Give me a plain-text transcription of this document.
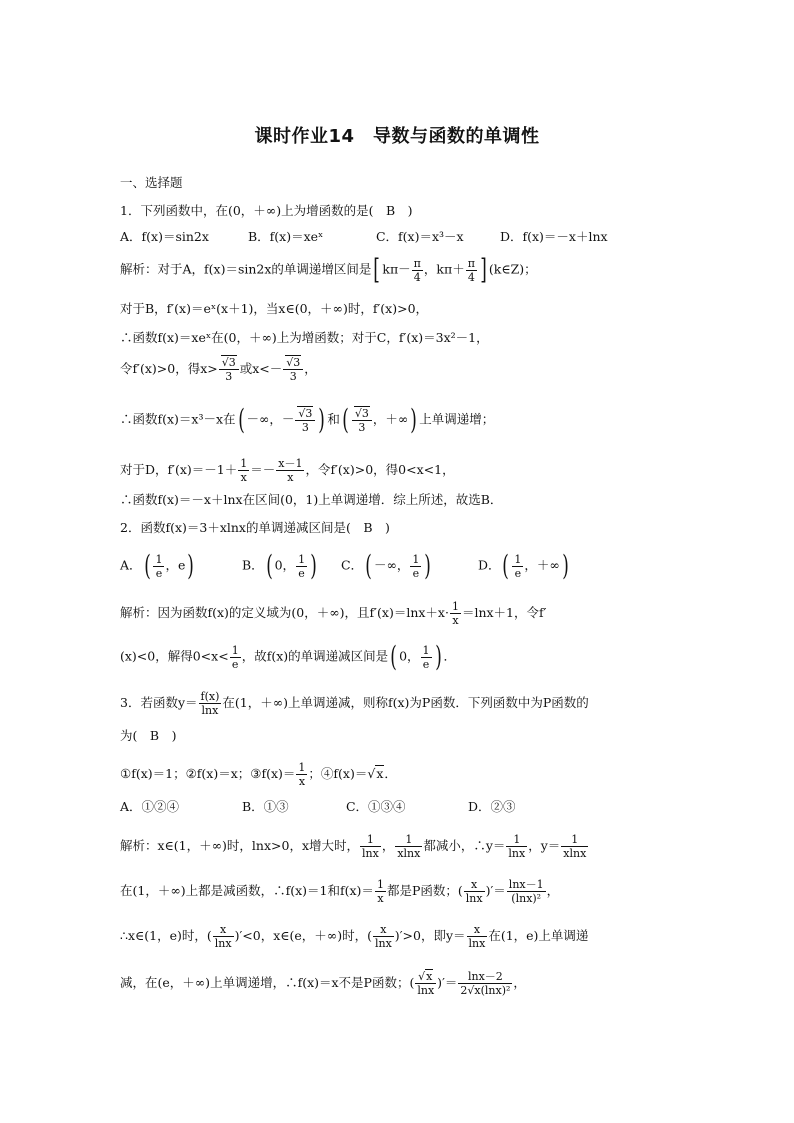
课时作业14　导数与函数的单调性
一、选择题
1．下列函数中，在(0，＋∞)上为增函数的是(　B　)
A．f(x)＝sin2x	B．f(x)＝xeˣ	C．f(x)＝x³－x	D．f(x)＝－x＋lnx
解析：对于A，f(x)＝sin2x的单调递增区间是[ $k\pi- \frac{\pi}{4}$ ，$k\pi+ \frac{\pi}{4}$ ] (k∈Z)；
对于B，f′(x)＝eˣ(x＋1)，当x∈(0，＋∞)时，f′(x)>0，
∴函数f(x)＝xeˣ在(0，＋∞)上为增函数；对于C，f′(x)＝3x²－1，
令f′(x)>0，得$x> \frac{√3}{3}$ 或$x<- \frac{√3}{3}$ ，
∴函数f(x)＝x³－x在( －∞，－ $\frac{√3}{3}$ ) 和( $\frac{√3}{3}$ ，＋∞) 上单调递增；
对于D，$f'(x)=-1+ \frac{1}{x} =- \frac{x-1}{x}$ ，令f′(x)>0，得0<x<1，
∴函数f(x)＝－x＋lnx在区间(0，1)上单调递增．综上所述，故选B．
2．函数f(x)＝3＋xlnx的单调递减区间是(　B　)
A．( $\frac{1}{e}$ ，e)	B．( 0， $\frac{1}{e}$ ) C．( －∞， $\frac{1}{e}$ )	D．( $\frac{1}{e}$ ，＋∞)
解析：因为函数f(x)的定义域为(0，＋∞)，且$f'(x)=\ln x+x\cdot \frac{1}{x} =\ln x+1$，令f′
(x)<0，解得$0<x< \frac{1}{e}$ ，故f(x)的单调递减区间是( 0， $\frac{1}{e}$ ) ．
3．若函数$y= \frac{f(x)}{\ln x}$ 在(1，＋∞)上单调递减，则称f(x)为P函数．下列函数中为P函数的
为(　B　)
①f(x)＝1；②f(x)＝x；③f(x)＝ $\frac{1}{x}$ ；④f(x)＝√x．
A．①②④	B．①③	C．①③④	D．②③
解析：x∈(1，＋∞)时，lnx>0，x增大时， $\frac{1}{\ln x}$ ， $\frac{1}{xlnx}$ 都减小，∴y＝ $\frac{1}{\ln x}$ ，$y= \frac{1}{xlnx}$
在(1，＋∞)上都是减函数，∴f(x)＝1和$f(x)= \frac{1}{x}$ 都是P函数；( $\frac{x}{\ln x}$ )′＝ $\frac{\ln x-1}{\text{(lnx)²}}$ ，
∴x∈(1，e)时，( $\frac{x}{\ln x} )'<0$，x∈(e，＋∞)时，( $\frac{x}{\ln x} )'>0$，即$y= \frac{x}{\ln x}$ 在(1，e)上单调递
减，在(e，＋∞)上单调递增，∴f(x)＝x不是P函数；( $\frac{√x}{\ln x}$ )′＝ $\frac{\ln x-2}{\text{2√x(lnx)²}}$ ，
